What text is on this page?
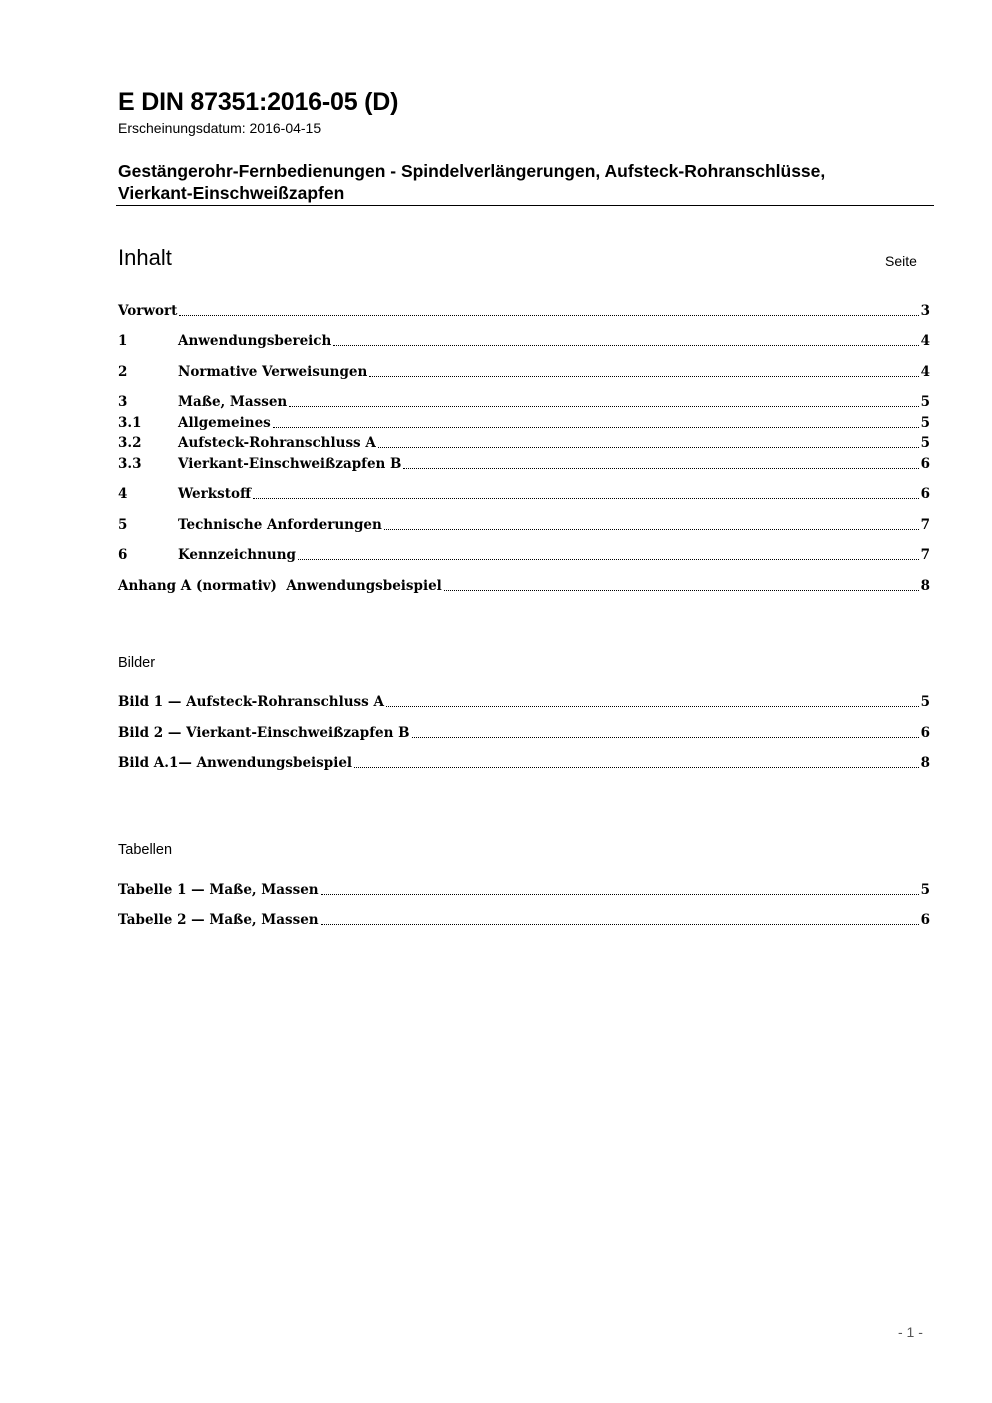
E DIN 87351:2016-05 (D)
Erscheinungsdatum: 2016-04-15
Gestängerohr-Fernbedienungen - Spindelverlängerungen, Aufsteck-Rohranschlüsse,
Vierkant-Einschweißzapfen
Inhalt	Seite
Vorwort	3
1	Anwendungsbereich	4
2	Normative Verweisungen	4
3	Maße, Massen	5
3.1	Allgemeines	5
3.2	Aufsteck-Rohranschluss A	5
3.3	Vierkant-Einschweißzapfen B	6
4	Werkstoff	6
5	Technische Anforderungen	7
6	Kennzeichnung	7
Anhang A (normativ)  Anwendungsbeispiel	8
Bilder
Bild 1 — Aufsteck-Rohranschluss A	5
Bild 2 — Vierkant-Einschweißzapfen B	6
Bild A.1— Anwendungsbeispiel	8
Tabellen
Tabelle 1 — Maße, Massen	5
Tabelle 2 — Maße, Massen	6
- 1 -
